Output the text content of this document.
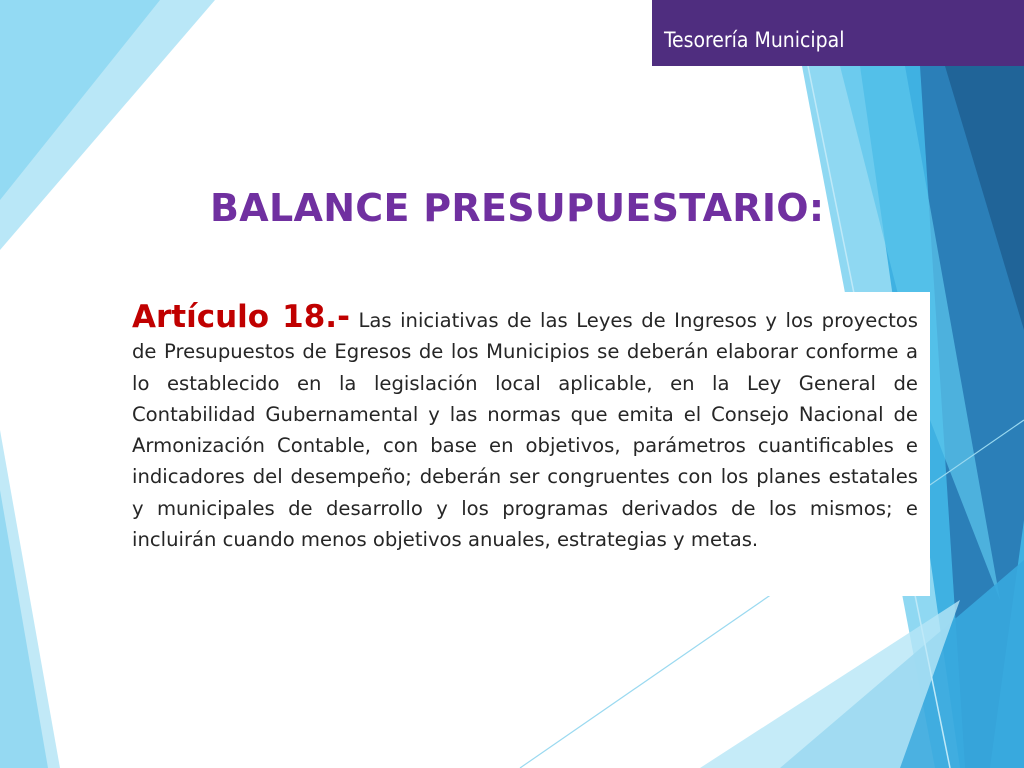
Tesorería Municipal
BALANCE PRESUPUESTARIO:

Artículo 18.- Las iniciativas de las Leyes de Ingresos y los proyectos de Presupuestos de Egresos de los Municipios se deberán elaborar conforme a lo establecido en la legislación local aplicable, en la Ley General de Contabilidad Gubernamental y las normas que emita el Consejo Nacional de Armonización Contable, con base en objetivos, parámetros cuantificables e indicadores del desempeño; deberán ser congruentes con los planes estatales y municipales de desarrollo y los programas derivados de los mismos; e incluirán cuando menos objetivos anuales, estrategias y metas.
